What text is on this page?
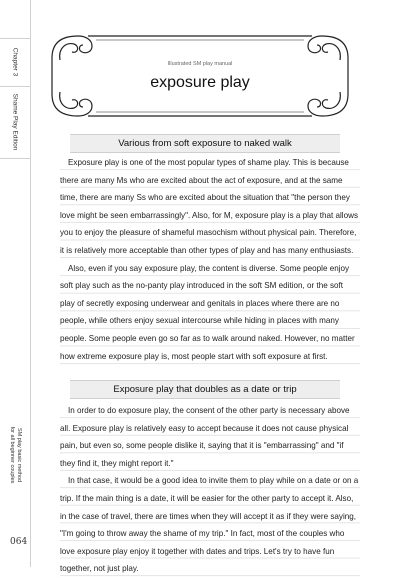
Chapter 3
Shame Play Edition
SM play basic method
for all beginner couples
064
Illustrated SM play manual
exposure play
Various from soft exposure to naked walk

Exposure play is one of the most popular types of shame play. This is because there are many Ms who are excited about the act of exposure, and at the same time, there are many Ss who are excited about the situation that "the person they love might be seen embarrassingly". Also, for M, exposure play is a play that allows you to enjoy the pleasure of shameful masochism without physical pain. Therefore, it is relatively more acceptable than other types of play and has many enthusiasts.

Also, even if you say exposure play, the content is diverse. Some people enjoy soft play such as the no-panty play introduced in the soft SM edition, or the soft play of secretly exposing underwear and genitals in places where there are no people, while others enjoy sexual intercourse while hiding in places with many people. Some people even go so far as to walk around naked. However, no matter how extreme exposure play is, most people start with soft exposure at first.

Exposure play that doubles as a date or trip

In order to do exposure play, the consent of the other party is necessary above all. Exposure play is relatively easy to accept because it does not cause physical pain, but even so, some people dislike it, saying that it is "embarrassing" and "if they find it, they might report it."

In that case, it would be a good idea to invite them to play while on a date or on a trip. If the main thing is a date, it will be easier for the other party to accept it. Also, in the case of travel, there are times when they will accept it as if they were saying, "I'm going to throw away the shame of my trip." In fact, most of the couples who love exposure play enjoy it together with dates and trips. Let's try to have fun together, not just play.
